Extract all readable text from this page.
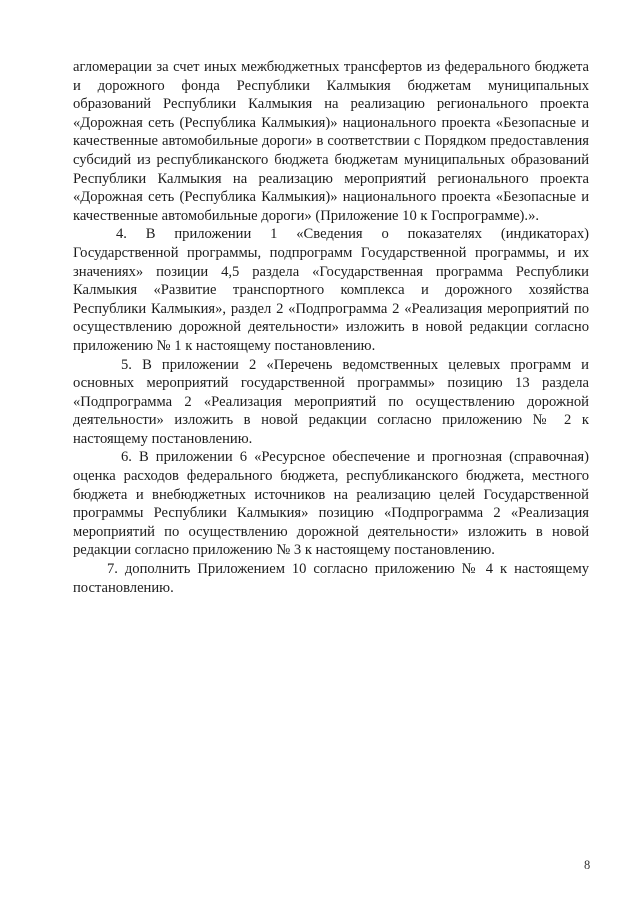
агломерации за счет иных межбюджетных трансфертов из федерального бюджета и дорожного фонда Республики Калмыкия бюджетам муниципальных образований Республики Калмыкия на реализацию регионального проекта «Дорожная сеть (Республика Калмыкия)» национального проекта «Безопасные и качественные автомобильные дороги» в соответствии с Порядком предоставления субсидий из республиканского бюджета бюджетам муниципальных образований Республики Калмыкия на реализацию мероприятий регионального проекта «Дорожная сеть (Республика Калмыкия)» национального проекта «Безопасные и качественные автомобильные дороги» (Приложение 10 к Госпрограмме).».

4. В приложении 1 «Сведения о показателях (индикаторах) Государственной программы, подпрограмм Государственной программы, и их значениях» позиции 4,5 раздела «Государственная программа Республики Калмыкия «Развитие транспортного комплекса и дорожного хозяйства Республики Калмыкия», раздел 2 «Подпрограмма 2 «Реализация мероприятий по осуществлению дорожной деятельности» изложить в новой редакции согласно приложению № 1 к настоящему постановлению.

5. В приложении 2 «Перечень ведомственных целевых программ и основных мероприятий государственной программы» позицию 13 раздела «Подпрограмма 2 «Реализация мероприятий по осуществлению дорожной деятельности» изложить в новой редакции согласно приложению № 2 к настоящему постановлению.

6. В приложении 6 «Ресурсное обеспечение и прогнозная (справочная) оценка расходов федерального бюджета, республиканского бюджета, местного бюджета и внебюджетных источников на реализацию целей Государственной программы Республики Калмыкия» позицию «Подпрограмма 2 «Реализация мероприятий по осуществлению дорожной деятельности» изложить в новой редакции согласно приложению № 3 к настоящему постановлению.

7. дополнить Приложением 10 согласно приложению № 4 к настоящему постановлению.

8
